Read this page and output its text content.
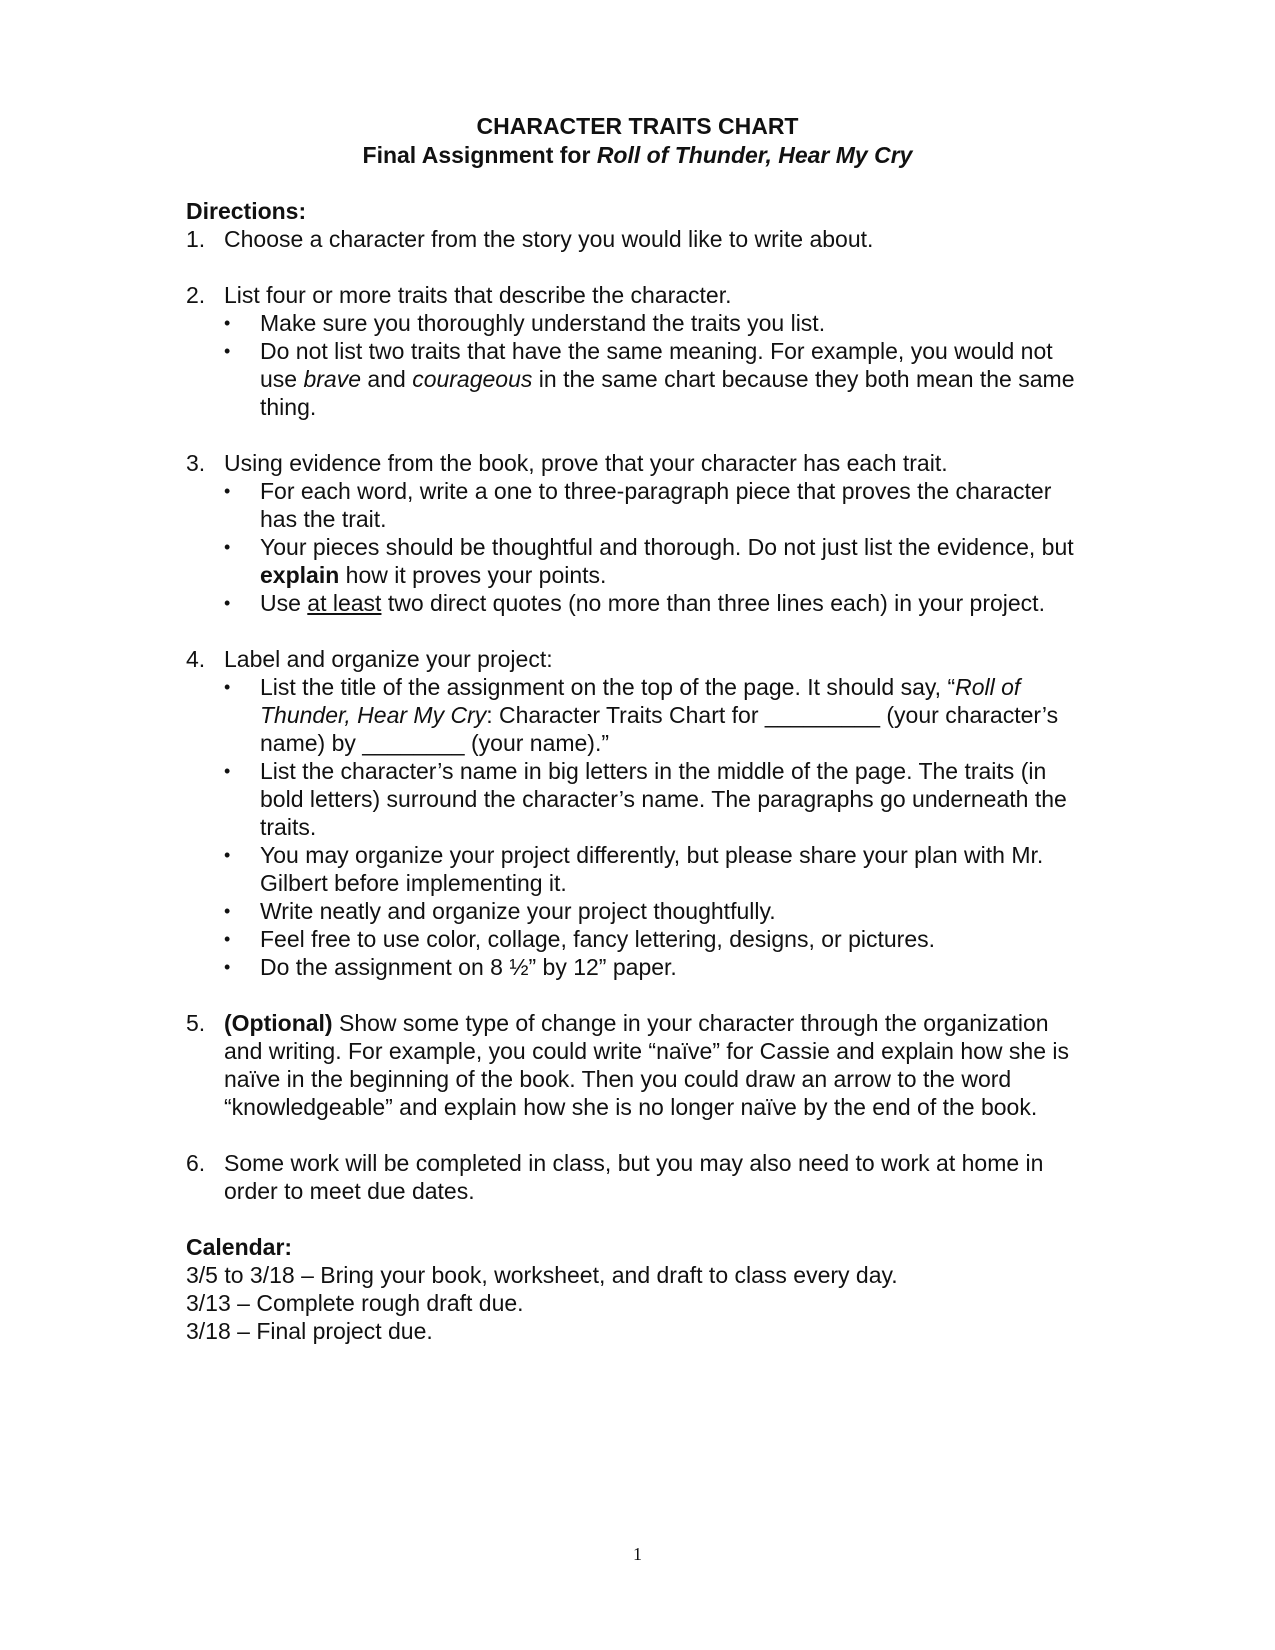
CHARACTER TRAITS CHART
Final Assignment for Roll of Thunder, Hear My Cry

Directions:

1. Choose a character from the story you would like to write about.
2. List four or more traits that describe the character.
• Make sure you thoroughly understand the traits you list.
• Do not list two traits that have the same meaning. For example, you would not use brave and courageous in the same chart because they both mean the same thing.
3. Using evidence from the book, prove that your character has each trait.
• For each word, write a one to three-paragraph piece that proves the character has the trait.
• Your pieces should be thoughtful and thorough. Do not just list the evidence, but explain how it proves your points.
• Use at least two direct quotes (no more than three lines each) in your project.
4. Label and organize your project:
• List the title of the assignment on the top of the page. It should say, “Roll of Thunder, Hear My Cry: Character Traits Chart for _________ (your character’s name) by ________ (your name).”
• List the character’s name in big letters in the middle of the page. The traits (in bold letters) surround the character’s name. The paragraphs go underneath the traits.
• You may organize your project differently, but please share your plan with Mr. Gilbert before implementing it.
• Write neatly and organize your project thoughtfully.
• Feel free to use color, collage, fancy lettering, designs, or pictures.
• Do the assignment on 8 ½” by 12” paper.
5. (Optional) Show some type of change in your character through the organization and writing. For example, you could write “naïve” for Cassie and explain how she is naïve in the beginning of the book. Then you could draw an arrow to the word “knowledgeable” and explain how she is no longer naïve by the end of the book.
6. Some work will be completed in class, but you may also need to work at home in order to meet due dates.

Calendar:

3/5 to 3/18 – Bring your book, worksheet, and draft to class every day.

3/13 – Complete rough draft due.

3/18 – Final project due.

1
